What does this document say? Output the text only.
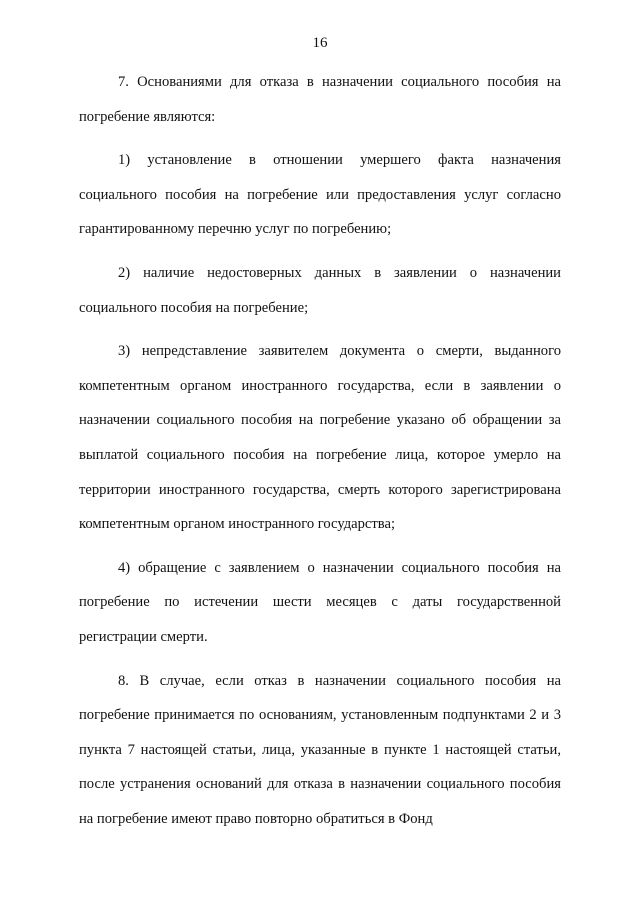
16

7. Основаниями для отказа в назначении социального пособия на погребение являются:

1) установление в отношении умершего факта назначения социального пособия на погребение или предоставления услуг согласно гарантированному перечню услуг по погребению;

2) наличие недостоверных данных в заявлении о назначении социального пособия на погребение;

3) непредставление заявителем документа о смерти, выданного компетентным органом иностранного государства, если в заявлении о назначении социального пособия на погребение указано об обращении за выплатой социального пособия на погребение лица, которое умерло на территории иностранного государства, смерть которого зарегистрирована компетентным органом иностранного государства;

4) обращение с заявлением о назначении социального пособия на погребение по истечении шести месяцев с даты государственной регистрации смерти.

8. В случае, если отказ в назначении социального пособия на погребение принимается по основаниям, установленным подпунктами 2 и 3 пункта 7 настоящей статьи, лица, указанные в пункте 1 настоящей статьи, после устранения оснований для отказа в назначении социального пособия на погребение имеют право повторно обратиться в Фонд
